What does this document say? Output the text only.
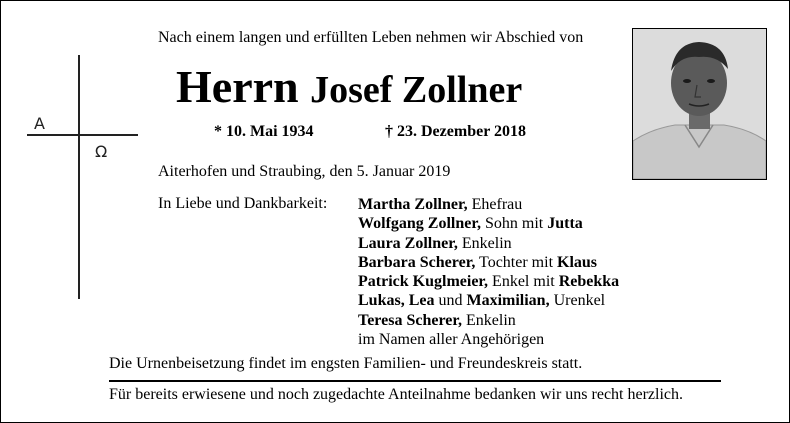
A
Ω
Nach einem langen und erfüllten Leben nehmen wir Abschied von
Herrn Josef Zollner
* 10. Mai 1934	† 23. Dezember 2018
Aiterhofen und Straubing, den 5. Januar 2019
In Liebe und Dankbarkeit: Martha Zollner, Ehefrau
Wolfgang Zollner, Sohn mit Jutta
Laura Zollner, Enkelin
Barbara Scherer, Tochter mit Klaus
Patrick Kuglmeier, Enkel mit Rebekka
Lukas, Lea und Maximilian, Urenkel
Teresa Scherer, Enkelin
im Namen aller Angehörigen
Die Urnenbeisetzung findet im engsten Familien- und Freundeskreis statt.
Für bereits erwiesene und noch zugedachte Anteilnahme bedanken wir uns recht herzlich.
